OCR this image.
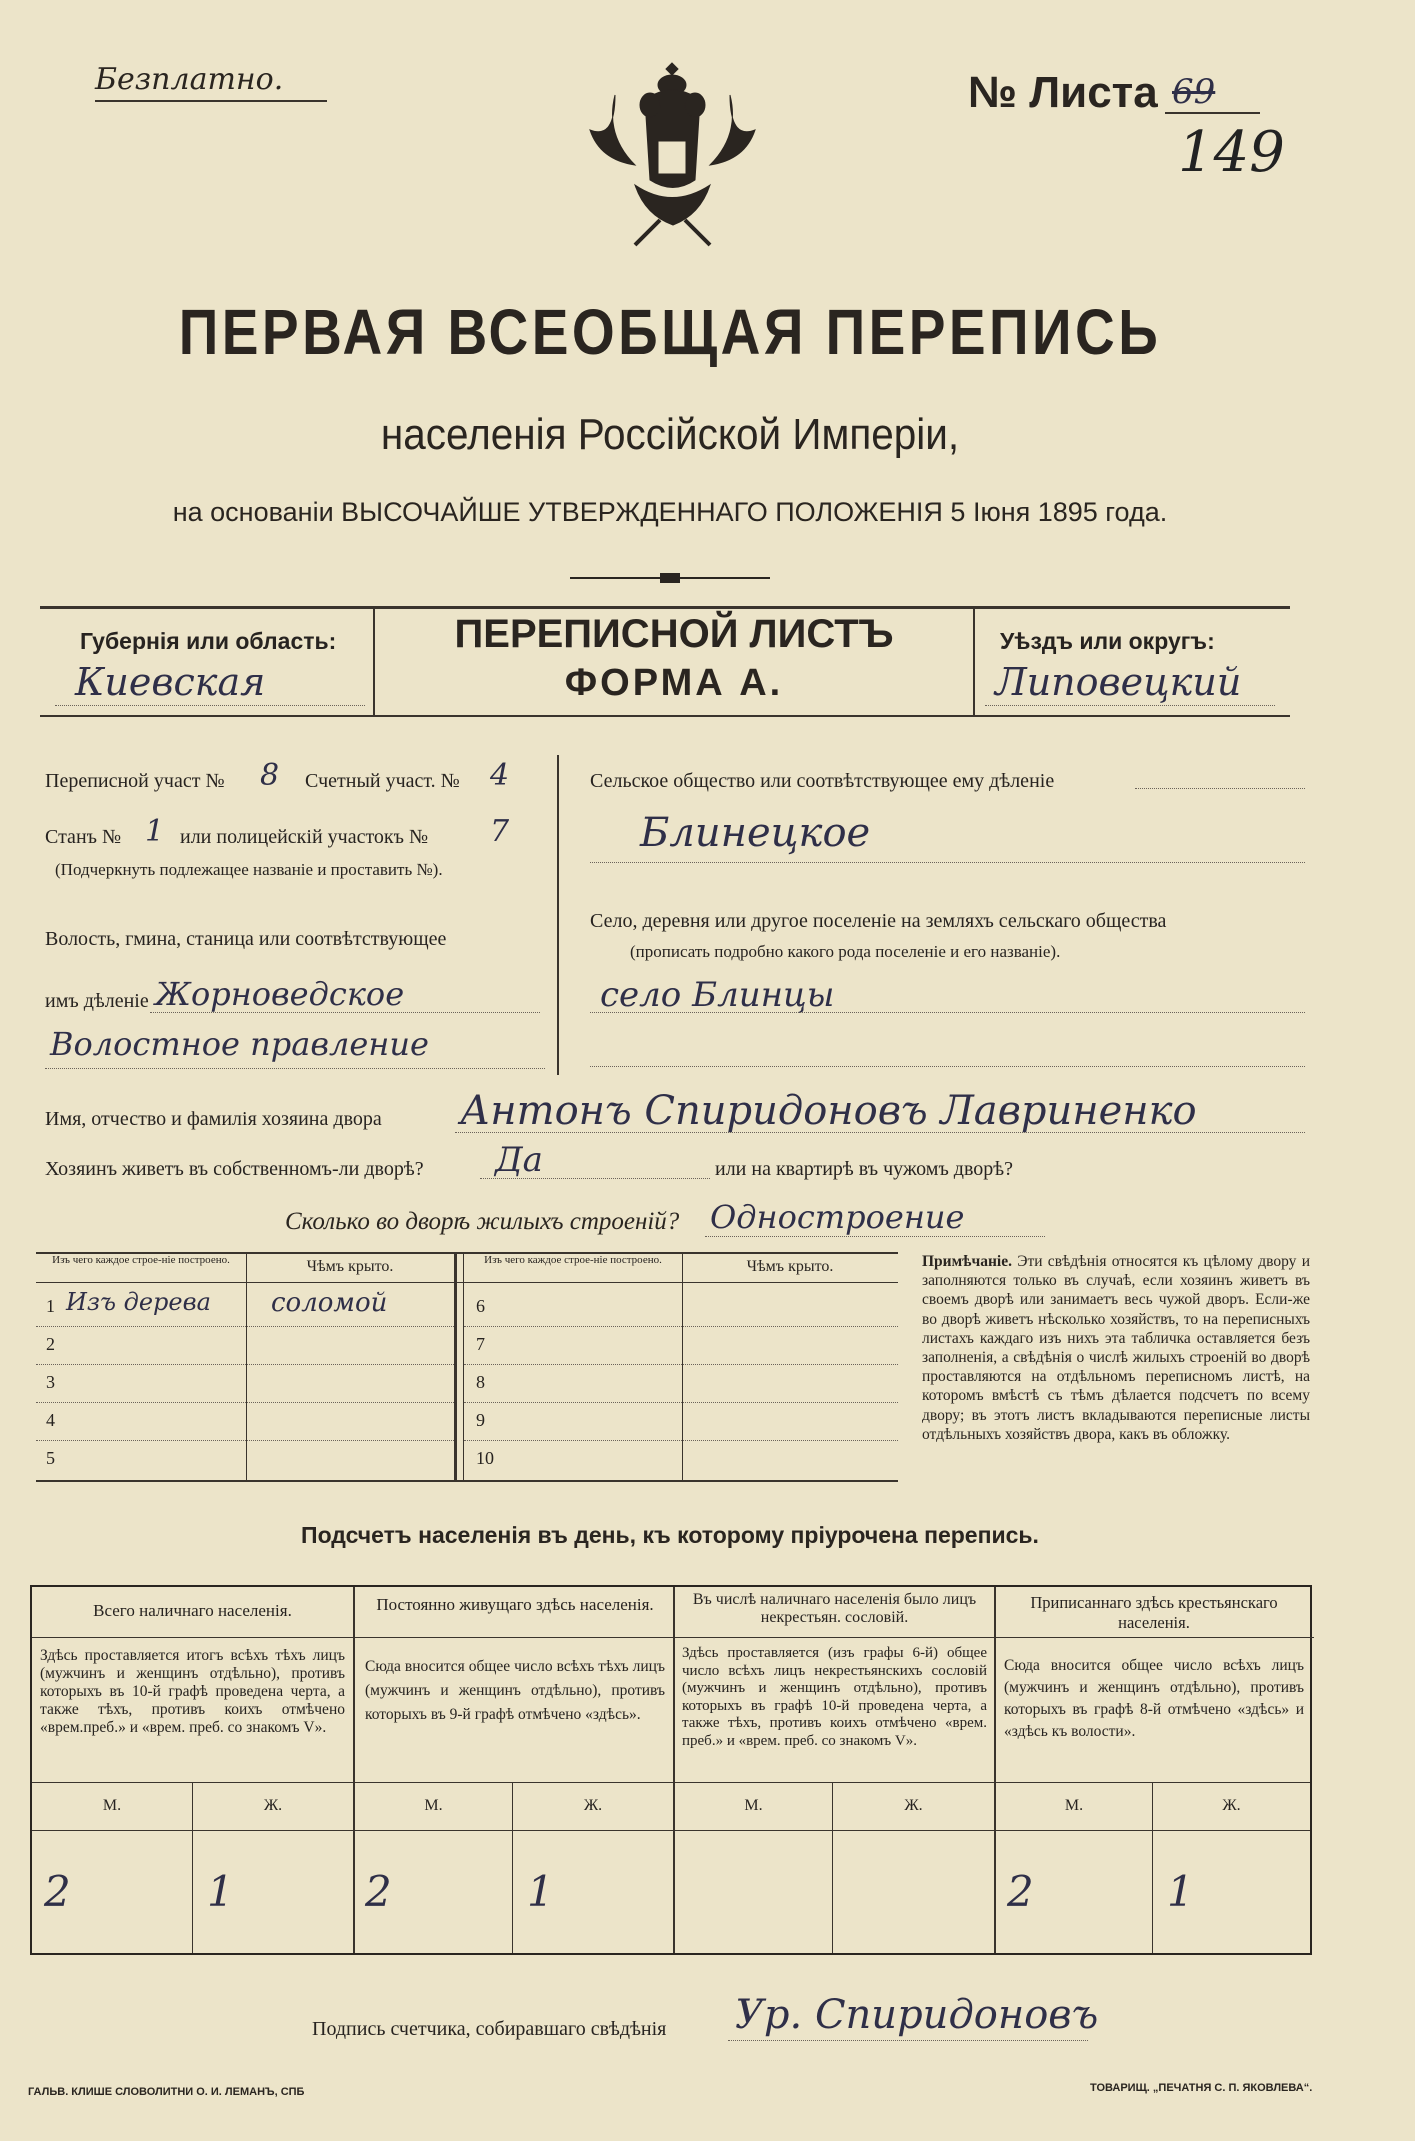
Безплатно.	№ Листа 69
149
ПЕРВАЯ ВСЕОБЩАЯ ПЕРЕПИСЬ
населенія Россійской Имперіи,
на основаніи ВЫСОЧАЙШЕ УТВЕРЖДЕННАГО ПОЛОЖЕНІЯ 5 Іюня 1895 года.
Губернія или область:
Киевская
ПЕРЕПИСНОЙ ЛИСТЪ
ФОРМА А.
Уѣздъ или округъ:
Липовецкий
Переписной участ № 8 Счетный участ. № 4
Станъ № 1 или полицейскій участокъ № 7
(Подчеркнуть подлежащее названіе и проставить №).
Волость, гмина, станица или соотвѣтствующее
имъ дѣленіе Жорноведское
Волостное правление
Сельское общество или соотвѣтствующее ему дѣленіе
Блинецкое
Село, деревня или другое поселеніе на земляхъ сельскаго общества
(прописать подробно какого рода поселеніе и его названіе).
село Блинцы
Имя, отчество и фамилія хозяина двора Антонъ Спиридоновъ Лавриненко
Хозяинъ живетъ въ собственномъ-ли дворѣ? Да	или на квартирѣ въ чужомъ дворѣ?
Сколько во дворѣ жилыхъ строеній? Одностроение
Изъ чего каждое строе-ніе построено.	Чѣмъ крыто.	Изъ чего каждое строе-ніе построено.	Чѣмъ крыто.
1 Изъ дерева соломой
2
3
4
5
6
7
8
9
10
Примѣчаніе. Эти свѣдѣнія относятся къ цѣлому двору и заполняются только въ случаѣ, если хозяинъ живетъ въ своемъ дворѣ или занимаетъ весь чужой дворъ. Если-же во дворѣ живетъ нѣсколько хозяйствъ, то на переписныхъ листахъ каждаго изъ нихъ эта табличка оставляется безъ заполненія, а свѣдѣнія о числѣ жилыхъ строеній во дворѣ проставляются на отдѣльномъ переписномъ листѣ, на которомъ вмѣстѣ съ тѣмъ дѣлается подсчетъ по всему двору; въ этотъ листъ вкладываются переписные листы отдѣльныхъ хозяйствъ двора, какъ въ обложку.
Подсчетъ населенія въ день, къ которому пріурочена перепись.
Всего наличнаго населенія.
Здѣсь проставляется итогъ всѣхъ тѣхъ лицъ (мужчинъ и женщинъ отдѣльно), противъ которыхъ въ 10-й графѣ проведена черта, а также тѣхъ, противъ коихъ отмѣчено «врем.преб.» и «врем. преб. со знакомъ V».
М.	Ж.
2	1
Постоянно живущаго здѣсь населенія.
Сюда вносится общее число всѣхъ тѣхъ лицъ (мужчинъ и женщинъ отдѣльно), противъ которыхъ въ 9-й графѣ отмѣчено «здѣсь».
М.	Ж.
2	1
Въ числѣ наличнаго населенія было лицъ некрестьян. сословій.
Здѣсь проставляется (изъ графы 6-й) общее число всѣхъ лицъ некрестьянскихъ сословій (мужчинъ и женщинъ отдѣльно), противъ которыхъ въ графѣ 10-й проведена черта, а также тѣхъ, противъ коихъ отмѣчено «врем. преб.» и «врем. преб. со знакомъ V».
М.	Ж.
Приписаннаго здѣсь крестьянскаго населенія.
Сюда вносится общее число всѣхъ лицъ (мужчинъ и женщинъ отдѣльно), противъ которыхъ въ графѣ 8-й отмѣчено «здѣсь» и «здѣсь къ волости».
М.	Ж.
2	1
Подпись счетчика, собиравшаго свѣдѣнія Ур. Спиридоновъ
ГАЛЬВ. КЛИШЕ СЛОВОЛИТНИ О. И. ЛЕМАНЪ, СПБ	ТОВАРИЩ. „ПЕЧАТНЯ С. П. ЯКОВЛЕВА“.
